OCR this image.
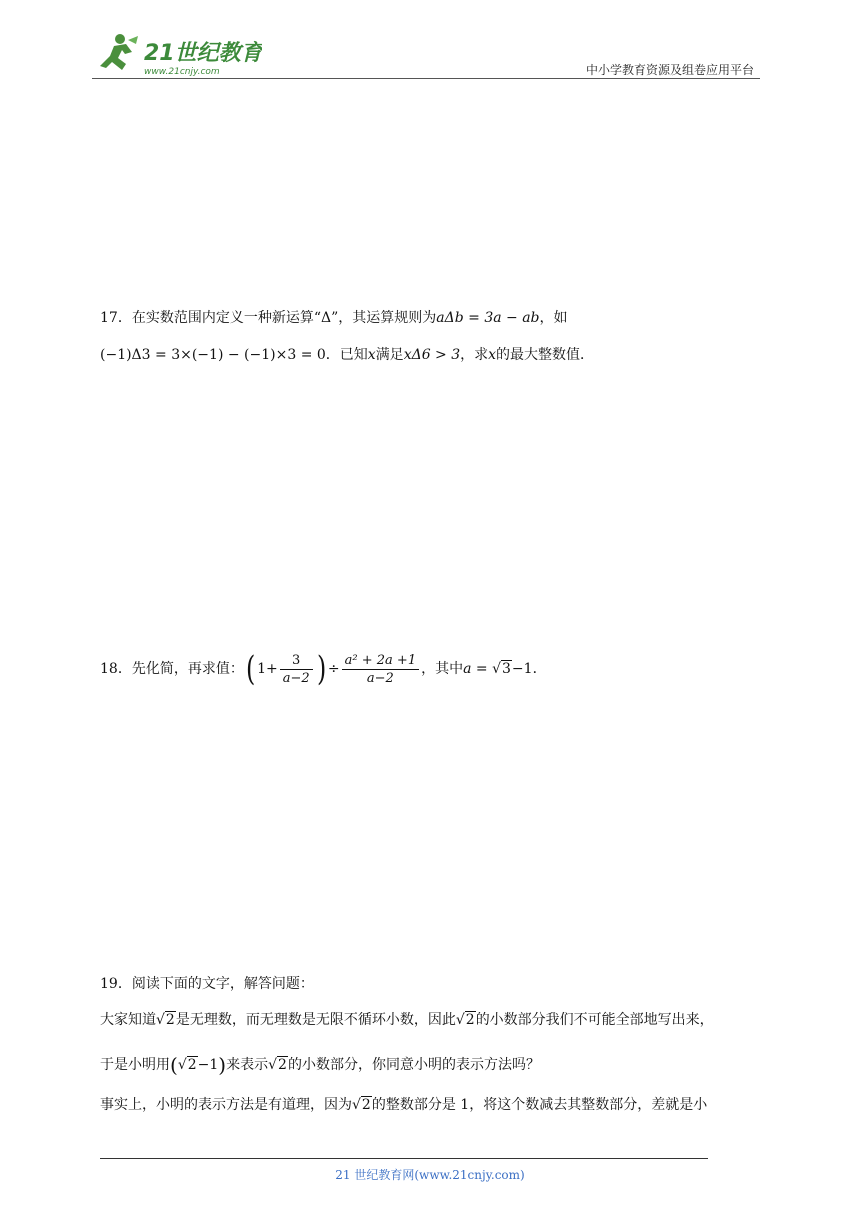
21世纪教育
www.21cnjy.com	中小学教育资源及组卷应用平台
17．在实数范围内定义一种新运算“Δ”，其运算规则为aΔb = 3a − ab，如
(−1)Δ3 = 3×(−1) − (−1)×3 = 0．已知x满足xΔ6 > 3，求x的最大整数值．
18．先化简，再求值：( $1+ \frac{3}{a-2}$ ) ÷ $\frac{\text{a² + 2a +1}}{a-2}$ ，其中a = √3−1．
19．阅读下面的文字，解答问题：
大家知道√2是无理数，而无理数是无限不循环小数，因此√2的小数部分我们不可能全部地写出来，
于是小明用(√2−1)来表示√2的小数部分，你同意小明的表示方法吗？
事实上，小明的表示方法是有道理，因为√2的整数部分是 1，将这个数减去其整数部分，差就是小
21 世纪教育网(www.21cnjy.com)
